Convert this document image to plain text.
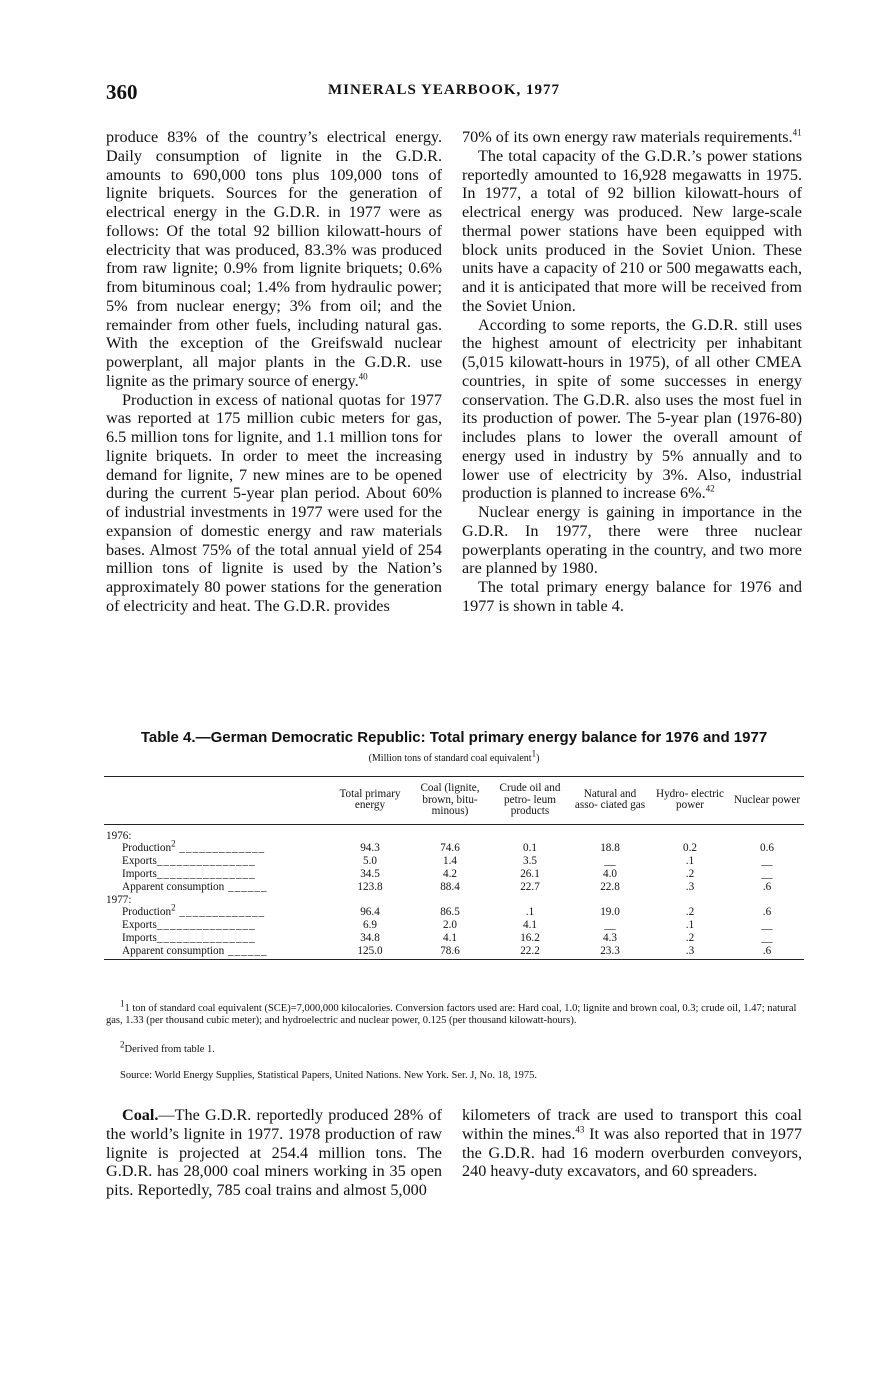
360	MINERALS YEARBOOK, 1977

produce 83% of the country’s electrical energy. Daily consumption of lignite in the G.D.R. amounts to 690,000 tons plus 109,000 tons of lignite briquets. Sources for the generation of electrical energy in the G.D.R. in 1977 were as follows: Of the total 92 billion kilowatt-hours of electricity that was produced, 83.3% was produced from raw lignite; 0.9% from lignite briquets; 0.6% from bituminous coal; 1.4% from hydraulic power; 5% from nuclear energy; 3% from oil; and the remainder from other fuels, including natural gas. With the exception of the Greifswald nuclear powerplant, all major plants in the G.D.R. use lignite as the primary source of energy.$^{40}$

Production in excess of national quotas for 1977 was reported at 175 million cubic meters for gas, 6.5 million tons for lignite, and 1.1 million tons for lignite briquets. In order to meet the increasing demand for lignite, 7 new mines are to be opened during the current 5-year plan period. About 60% of industrial investments in 1977 were used for the expansion of domestic energy and raw materials bases. Almost 75% of the total annual yield of 254 million tons of lignite is used by the Nation’s approximately 80 power stations for the generation of electricity and heat. The G.D.R. provides

70% of its own energy raw materials requirements.$^{41}$

The total capacity of the G.D.R.’s power stations reportedly amounted to 16,928 megawatts in 1975. In 1977, a total of 92 billion kilowatt-hours of electrical energy was produced. New large-scale thermal power stations have been equipped with block units produced in the Soviet Union. These units have a capacity of 210 or 500 megawatts each, and it is anticipated that more will be received from the Soviet Union.

According to some reports, the G.D.R. still uses the highest amount of electricity per inhabitant (5,015 kilowatt-hours in 1975), of all other CMEA countries, in spite of some successes in energy conservation. The G.D.R. also uses the most fuel in its production of power. The 5-year plan (1976-80) includes plans to lower the overall amount of energy used in industry by 5% annually and to lower use of electricity by 3%. Also, industrial production is planned to increase 6%.$^{42}$

Nuclear energy is gaining in importance in the G.D.R. In 1977, there were three nuclear powerplants operating in the country, and two more are planned by 1980.

The total primary energy balance for 1976 and 1977 is shown in table 4.

Table 4.—German Democratic Republic: Total primary energy balance for 1976 and 1977
(Million tons of standard coal equivalent$^1$)
	Total primary energy	Coal (lignite, brown, bitu- minous)	Crude oil and petro- leum products	Natural and asso- ciated gas	Hydro- electric power	Nuclear power
1976:						
Production$^2$ _____________	94.3	74.6	0.1	18.8	0.2	0.6
Exports_______________	5.0	1.4	3.5	__	.1	__
Imports_______________	34.5	4.2	26.1	4.0	.2	__
Apparent consumption ______	123.8	88.4	22.7	22.8	.3	.6
1977:						
Production$^2$ _____________	96.4	86.5	.1	19.0	.2	.6
Exports_______________	6.9	2.0	4.1	__	.1	__
Imports_______________	34.8	4.1	16.2	4.3	.2	__
Apparent consumption ______	125.0	78.6	22.2	23.3	.3	.6
$^1$1 ton of standard coal equivalent (SCE)=7,000,000 kilocalories. Conversion factors used are: Hard coal, 1.0; lignite and brown coal, 0.3; crude oil, 1.47; natural gas, 1.33 (per thousand cubic meter); and hydroelectric and nuclear power, 0.125 (per thousand kilowatt-hours).
$^2$Derived from table 1.
Source: World Energy Supplies, Statistical Papers, United Nations. New York. Ser. J, No. 18, 1975.

Coal.—The G.D.R. reportedly produced 28% of the world’s lignite in 1977. 1978 production of raw lignite is projected at 254.4 million tons. The G.D.R. has 28,000 coal miners working in 35 open pits. Reportedly, 785 coal trains and almost 5,000

kilometers of track are used to transport this coal within the mines.$^{43}$ It was also reported that in 1977 the G.D.R. had 16 modern overburden conveyors, 240 heavy-duty excavators, and 60 spreaders.
